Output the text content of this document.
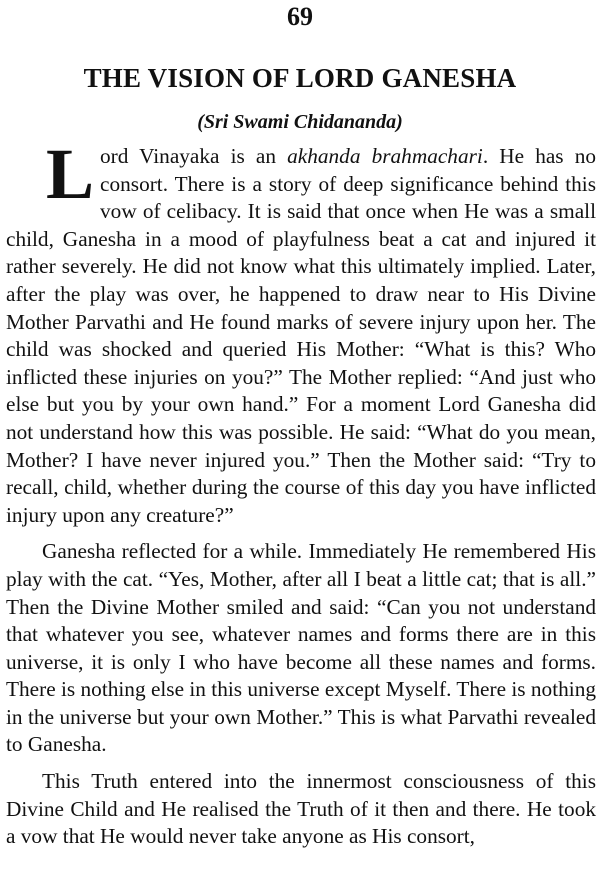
69
THE VISION OF LORD GANESHA
(Sri Swami Chidananda)

Lord Vinayaka is an akhanda brahmachari. He has no consort. There is a story of deep significance behind this vow of celibacy. It is said that once when He was a small child, Ganesha in a mood of playfulness beat a cat and injured it rather severely. He did not know what this ultimately implied. Later, after the play was over, he happened to draw near to His Divine Mother Parvathi and He found marks of severe injury upon her. The child was shocked and queried His Mother: “What is this? Who inflicted these injuries on you?” The Mother replied: “And just who else but you by your own hand.” For a moment Lord Ganesha did not understand how this was possible. He said: “What do you mean, Mother? I have never injured you.” Then the Mother said: “Try to recall, child, whether during the course of this day you have inflicted injury upon any creature?”

Ganesha reflected for a while. Immediately He remembered His play with the cat. “Yes, Mother, after all I beat a little cat; that is all.” Then the Divine Mother smiled and said: “Can you not understand that whatever you see, whatever names and forms there are in this universe, it is only I who have become all these names and forms. There is nothing else in this universe except Myself. There is nothing in the universe but your own Mother.” This is what Parvathi revealed to Ganesha.

This Truth entered into the innermost consciousness of this Divine Child and He realised the Truth of it then and there. He took a vow that He would never take anyone as His consort,
